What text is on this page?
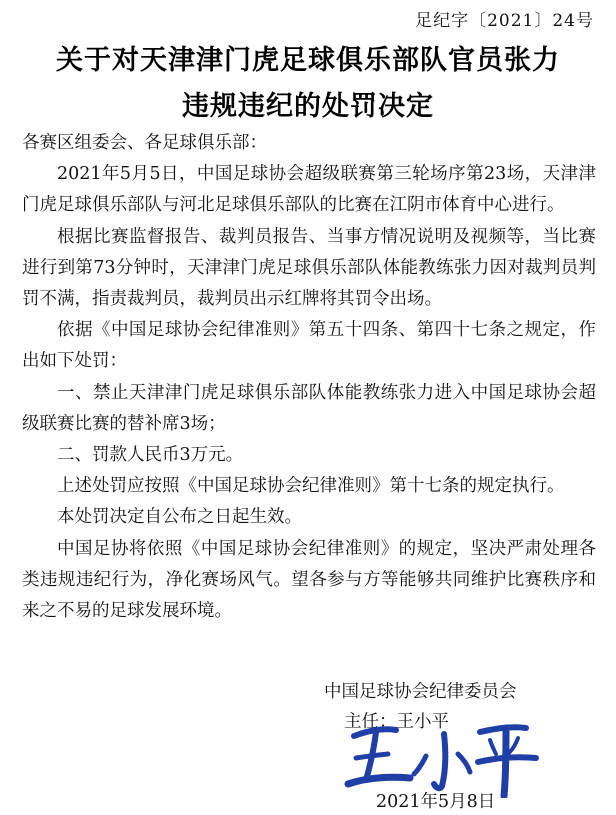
足纪字〔2021〕24号
关于对天津津门虎足球俱乐部队官员张力
违规违纪的处罚决定

各赛区组委会、各足球俱乐部：

2021年5月5日，中国足球协会超级联赛第三轮场序第23场，天津津门虎足球俱乐部队与河北足球俱乐部队的比赛在江阴市体育中心进行。

根据比赛监督报告、裁判员报告、当事方情况说明及视频等，当比赛进行到第73分钟时，天津津门虎足球俱乐部队体能教练张力因对裁判员判罚不满，指责裁判员，裁判员出示红牌将其罚令出场。

依据《中国足球协会纪律准则》第五十四条、第四十七条之规定，作出如下处罚：

一、禁止天津津门虎足球俱乐部队体能教练张力进入中国足球协会超级联赛比赛的替补席3场；

二、罚款人民币3万元。

上述处罚应按照《中国足球协会纪律准则》第十七条的规定执行。

本处罚决定自公布之日起生效。

中国足协将依照《中国足球协会纪律准则》的规定，坚决严肃处理各类违规违纪行为，净化赛场风气。望各参与方等能够共同维护比赛秩序和来之不易的足球发展环境。

中国足球协会纪律委员会
主任：王小平
2021年5月8日
